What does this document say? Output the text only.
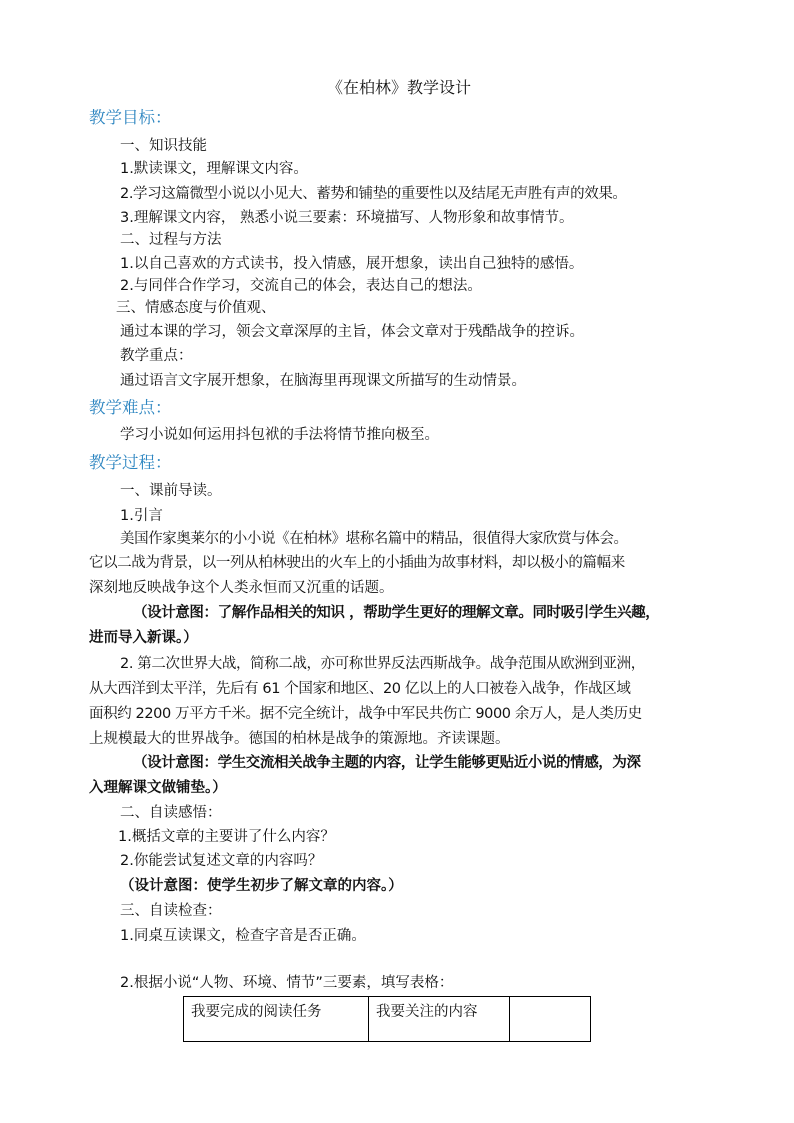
《在柏林》教学设计
教学目标：
一、知识技能
1.默读课文，理解课文内容。
2.学习这篇微型小说以小见大、蓄势和铺垫的重要性以及结尾无声胜有声的效果。
3.理解课文内容， 熟悉小说三要素：环境描写、人物形象和故事情节。
二、过程与方法
1.以自己喜欢的方式读书，投入情感，展开想象，读出自己独特的感悟。
2.与同伴合作学习，交流自己的体会，表达自己的想法。
三、情感态度与价值观、
通过本课的学习，领会文章深厚的主旨，体会文章对于残酷战争的控诉。
教学重点：
通过语言文字展开想象，在脑海里再现课文所描写的生动情景。
教学难点：
学习小说如何运用抖包袱的手法将情节推向极至。
教学过程：
一、课前导读。
1.引言
美国作家奥莱尔的小小说《在柏林》堪称名篇中的精品，很值得大家欣赏与体会。
它以二战为背景，以一列从柏林驶出的火车上的小插曲为故事材料，却以极小的篇幅来
深刻地反映战争这个人类永恒而又沉重的话题。
（设计意图：了解作品相关的知识 ，帮助学生更好的理解文章。同时吸引学生兴趣，
进而导入新课。）
2. 第二次世界大战，简称二战，亦可称世界反法西斯战争。战争范围从欧洲到亚洲，
从大西洋到太平洋，先后有 61 个国家和地区、20 亿以上的人口被卷入战争，作战区域
面积约 2200 万平方千米。据不完全统计，战争中军民共伤亡 9000 余万人，是人类历史
上规模最大的世界战争。德国的柏林是战争的策源地。齐读课题。
（设计意图：学生交流相关战争主题的内容，让学生能够更贴近小说的情感，为深
入理解课文做铺垫。）
二、自读感悟：
1.概括文章的主要讲了什么内容？
2.你能尝试复述文章的内容吗？
（设计意图：使学生初步了解文章的内容。）
三、自读检查：
1.同桌互读课文，检查字音是否正确。
2.根据小说“人物、环境、情节”三要素，填写表格：
我要完成的阅读任务	我要关注的内容	
